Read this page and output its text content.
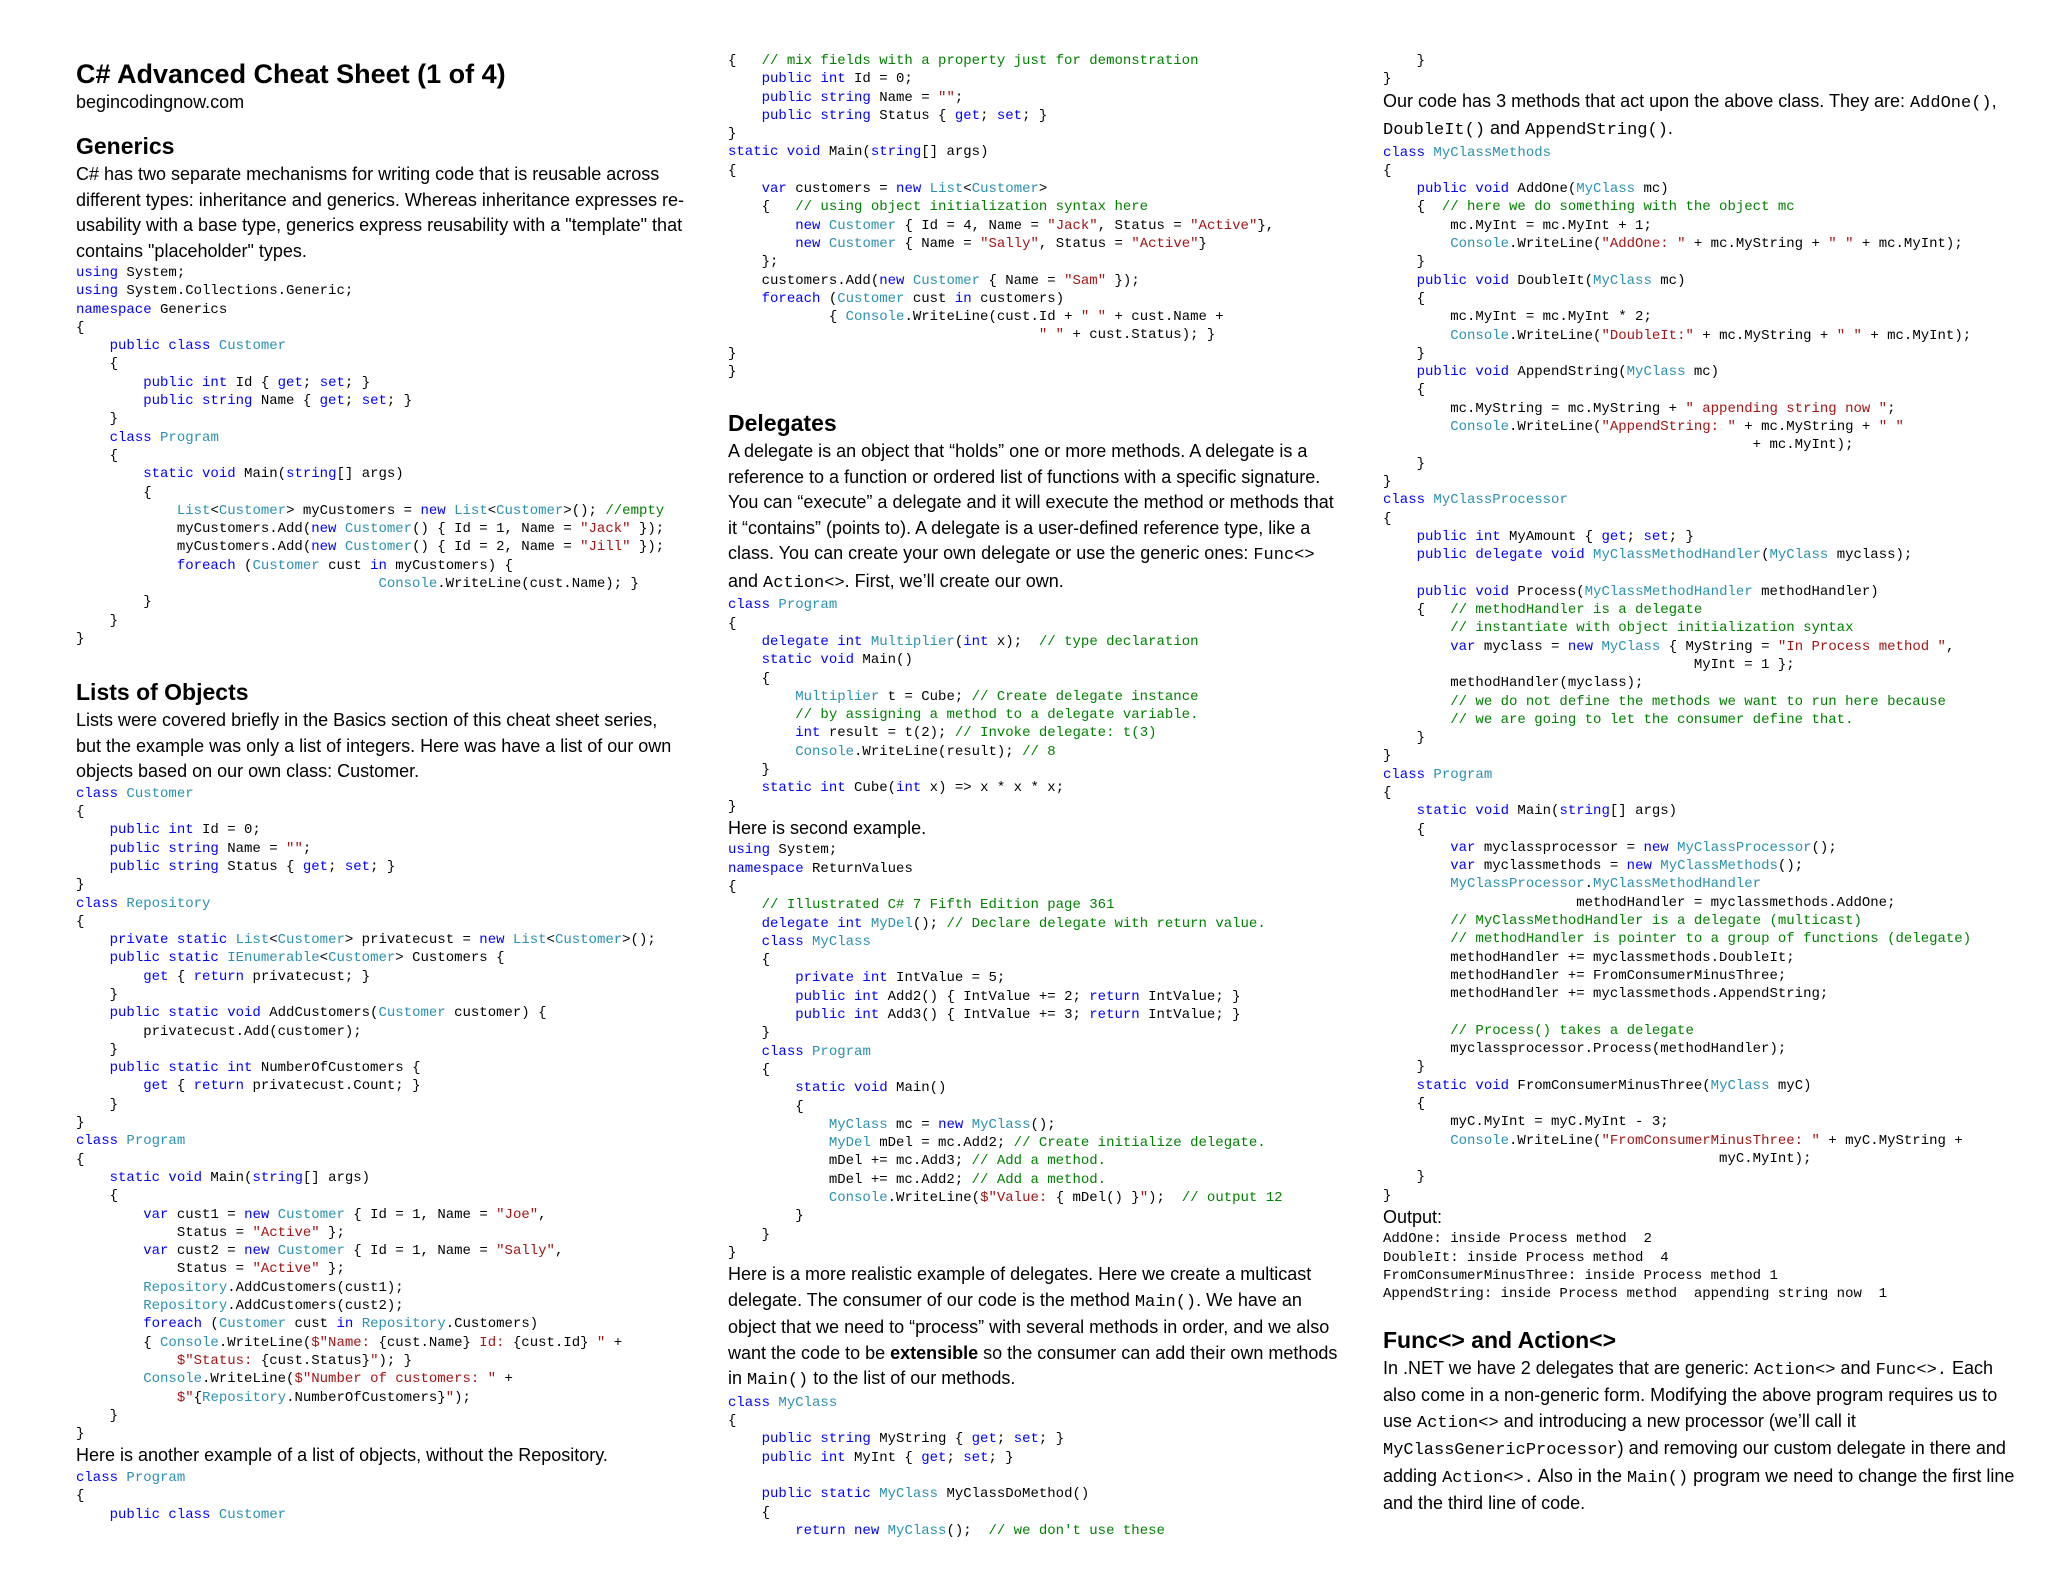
C# Advanced Cheat Sheet (1 of 4)
begincodingnow.com
Generics

C# has two separate mechanisms for writing code that is reusable across different types: inheritance and generics. Whereas inheritance expresses re-usability with a base type, generics express reusability with a "template" that contains "placeholder" types.

using System;
using System.Collections.Generic;
namespace Generics
{
public class Customer
{
public int Id { get; set; }
public string Name { get; set; }
}
class Program
{
static void Main(string[] args)
{
List<Customer> myCustomers = new List<Customer>(); //empty
myCustomers.Add(new Customer() { Id = 1, Name = "Jack" });
myCustomers.Add(new Customer() { Id = 2, Name = "Jill" });
foreach (Customer cust in myCustomers) {
Console.WriteLine(cust.Name); }
}
}
}
Lists of Objects

Lists were covered briefly in the Basics section of this cheat sheet series, but the example was only a list of integers. Here was have a list of our own objects based on our own class: Customer.

class Customer
{
public int Id = 0;
public string Name = "";
public string Status { get; set; }
}
class Repository
{
private static List<Customer> privatecust = new List<Customer>();
public static IEnumerable<Customer> Customers {
get { return privatecust; }
}
public static void AddCustomers(Customer customer) {
privatecust.Add(customer);
}
public static int NumberOfCustomers {
get { return privatecust.Count; }
}
}
class Program
{
static void Main(string[] args)
{
var cust1 = new Customer { Id = 1, Name = "Joe",
Status = "Active" };
var cust2 = new Customer { Id = 1, Name = "Sally",
Status = "Active" };
Repository.AddCustomers(cust1);
Repository.AddCustomers(cust2);
foreach (Customer cust in Repository.Customers)
{ Console.WriteLine($"Name: {cust.Name} Id: {cust.Id} " +
$"Status: {cust.Status}"); }
Console.WriteLine($"Number of customers: " +
$"{Repository.NumberOfCustomers}");
}
}

Here is another example of a list of objects, without the Repository.

class Program
{
public class Customer
{   // mix fields with a property just for demonstration
public int Id = 0;
public string Name = "";
public string Status { get; set; }
}
static void Main(string[] args)
{
var customers = new List<Customer>
{   // using object initialization syntax here
new Customer { Id = 4, Name = "Jack", Status = "Active"},
new Customer { Name = "Sally", Status = "Active"}
};
customers.Add(new Customer { Name = "Sam" });
foreach (Customer cust in customers)
{ Console.WriteLine(cust.Id + " " + cust.Name +
" " + cust.Status); }
}
}
Delegates

A delegate is an object that “holds” one or more methods. A delegate is a reference to a function or ordered list of functions with a specific signature. You can “execute” a delegate and it will execute the method or methods that it “contains” (points to). A delegate is a user-defined reference type, like a class. You can create your own delegate or use the generic ones: Func<> and Action<>. First, we’ll create our own.

class Program
{
delegate int Multiplier(int x);  // type declaration
static void Main()
{
Multiplier t = Cube; // Create delegate instance
// by assigning a method to a delegate variable.
int result = t(2); // Invoke delegate: t(3)
Console.WriteLine(result); // 8
}
static int Cube(int x) => x * x * x;
}

Here is second example.

using System;
namespace ReturnValues
{
// Illustrated C# 7 Fifth Edition page 361
delegate int MyDel(); // Declare delegate with return value.
class MyClass
{
private int IntValue = 5;
public int Add2() { IntValue += 2; return IntValue; }
public int Add3() { IntValue += 3; return IntValue; }
}
class Program
{
static void Main()
{
MyClass mc = new MyClass();
MyDel mDel = mc.Add2; // Create initialize delegate.
mDel += mc.Add3; // Add a method.
mDel += mc.Add2; // Add a method.
Console.WriteLine($"Value: { mDel() }");  // output 12
}
}
}

Here is a more realistic example of delegates. Here we create a multicast delegate. The consumer of our code is the method Main(). We have an object that we need to “process” with several methods in order, and we also want the code to be extensible so the consumer can add their own methods in Main() to the list of our methods.

class MyClass
{
public string MyString { get; set; }
public int MyInt { get; set; }

public static MyClass MyClassDoMethod()
{
return new MyClass();  // we don't use these
}
}

Our code has 3 methods that act upon the above class. They are: AddOne(), DoubleIt() and AppendString().

class MyClassMethods
{
public void AddOne(MyClass mc)
{  // here we do something with the object mc
mc.MyInt = mc.MyInt + 1;
Console.WriteLine("AddOne: " + mc.MyString + " " + mc.MyInt);
}
public void DoubleIt(MyClass mc)
{
mc.MyInt = mc.MyInt * 2;
Console.WriteLine("DoubleIt:" + mc.MyString + " " + mc.MyInt);
}
public void AppendString(MyClass mc)
{
mc.MyString = mc.MyString + " appending string now ";
Console.WriteLine("AppendString: " + mc.MyString + " "
+ mc.MyInt);
}
}
class MyClassProcessor
{
public int MyAmount { get; set; }
public delegate void MyClassMethodHandler(MyClass myclass);

public void Process(MyClassMethodHandler methodHandler)
{   // methodHandler is a delegate
// instantiate with object initialization syntax
var myclass = new MyClass { MyString = "In Process method ",
MyInt = 1 };
methodHandler(myclass);
// we do not define the methods we want to run here because
// we are going to let the consumer define that.
}
}
class Program
{
static void Main(string[] args)
{
var myclassprocessor = new MyClassProcessor();
var myclassmethods = new MyClassMethods();
MyClassProcessor.MyClassMethodHandler
methodHandler = myclassmethods.AddOne;
// MyClassMethodHandler is a delegate (multicast)
// methodHandler is pointer to a group of functions (delegate)
methodHandler += myclassmethods.DoubleIt;
methodHandler += FromConsumerMinusThree;
methodHandler += myclassmethods.AppendString;

// Process() takes a delegate
myclassprocessor.Process(methodHandler);
}
static void FromConsumerMinusThree(MyClass myC)
{
myC.MyInt = myC.MyInt - 3;
Console.WriteLine("FromConsumerMinusThree: " + myC.MyString +
myC.MyInt);
}
}

Output:

AddOne: inside Process method  2
DoubleIt: inside Process method  4
FromConsumerMinusThree: inside Process method 1
AppendString: inside Process method  appending string now  1
Func<> and Action<>

In .NET we have 2 delegates that are generic: Action<> and Func<>. Each also come in a non-generic form. Modifying the above program requires us to use Action<> and introducing a new processor (we’ll call it MyClassGenericProcessor) and removing our custom delegate in there and adding Action<>. Also in the Main() program we need to change the first line and the third line of code.
